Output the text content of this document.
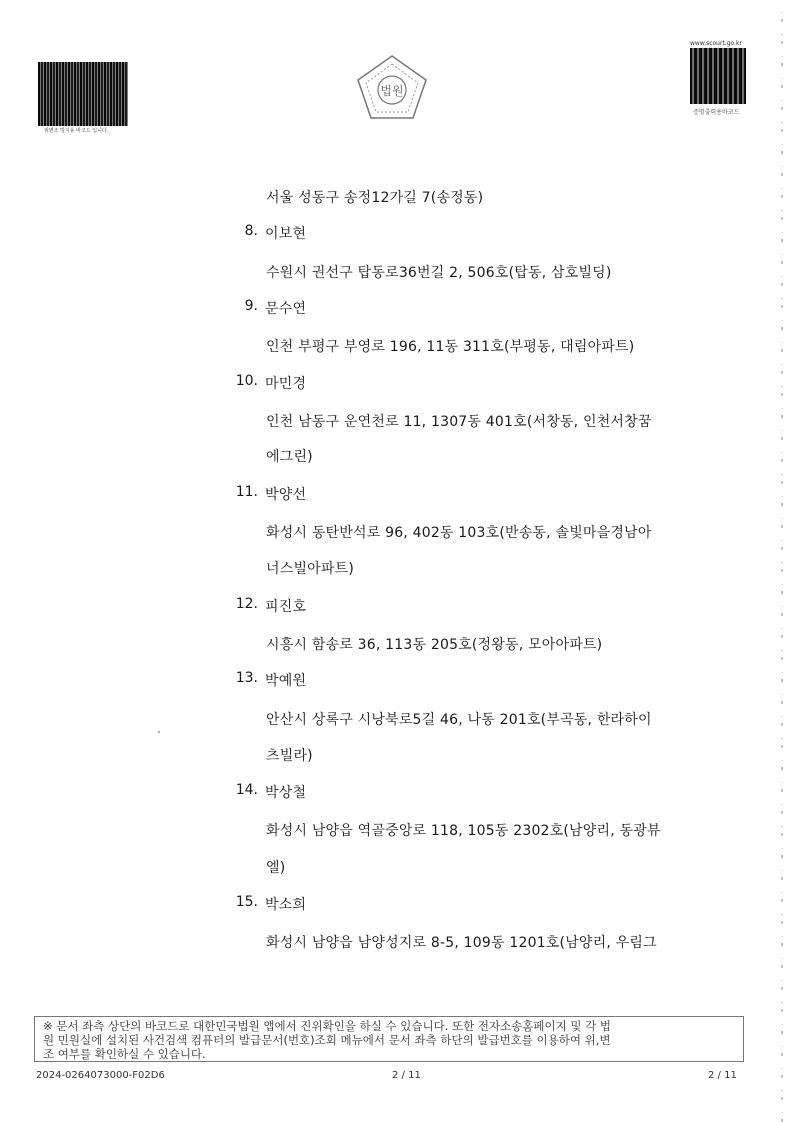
위변조 방지용 바코드 입니다.
법원
www.scourt.go.kr
증명출력용바코드
서울 성동구 송정12가길 7(송정동)
8. 이보현
수원시 권선구 탑동로36번길 2, 506호(탑동, 삼호빌딩)
9. 문수연
인천 부평구 부영로 196, 11동 311호(부평동, 대림아파트)
10. 마민경
인천 남동구 운연천로 11, 1307동 401호(서창동, 인천서창꿈
에그린)
11. 박양선
화성시 동탄반석로 96, 402동 103호(반송동, 솔빛마을경남아
너스빌아파트)
12. 피진호
시흥시 함송로 36, 113동 205호(정왕동, 모아아파트)
13. 박예원
안산시 상록구 시낭북로5길 46, 나동 201호(부곡동, 한라하이
츠빌라)
14. 박상철
화성시 남양읍 역골중앙로 118, 105동 2302호(남양리, 동광뷰
엘)
15. 박소희
화성시 남양읍 남양성지로 8-5, 109동 1201호(남양리, 우림그
※ 문서 좌측 상단의 바코드로 대한민국법원 앱에서 진위확인을 하실 수 있습니다. 또한 전자소송홈페이지 및 각 법
원 민원실에 설치된 사건검색 컴퓨터의 발급문서(번호)조회 메뉴에서 문서 좌측 하단의 발급번호를 이용하여 위,변
조 여부를 확인하실 수 있습니다.
2024-0264073000-F02D6	2 / 11	2 / 11
